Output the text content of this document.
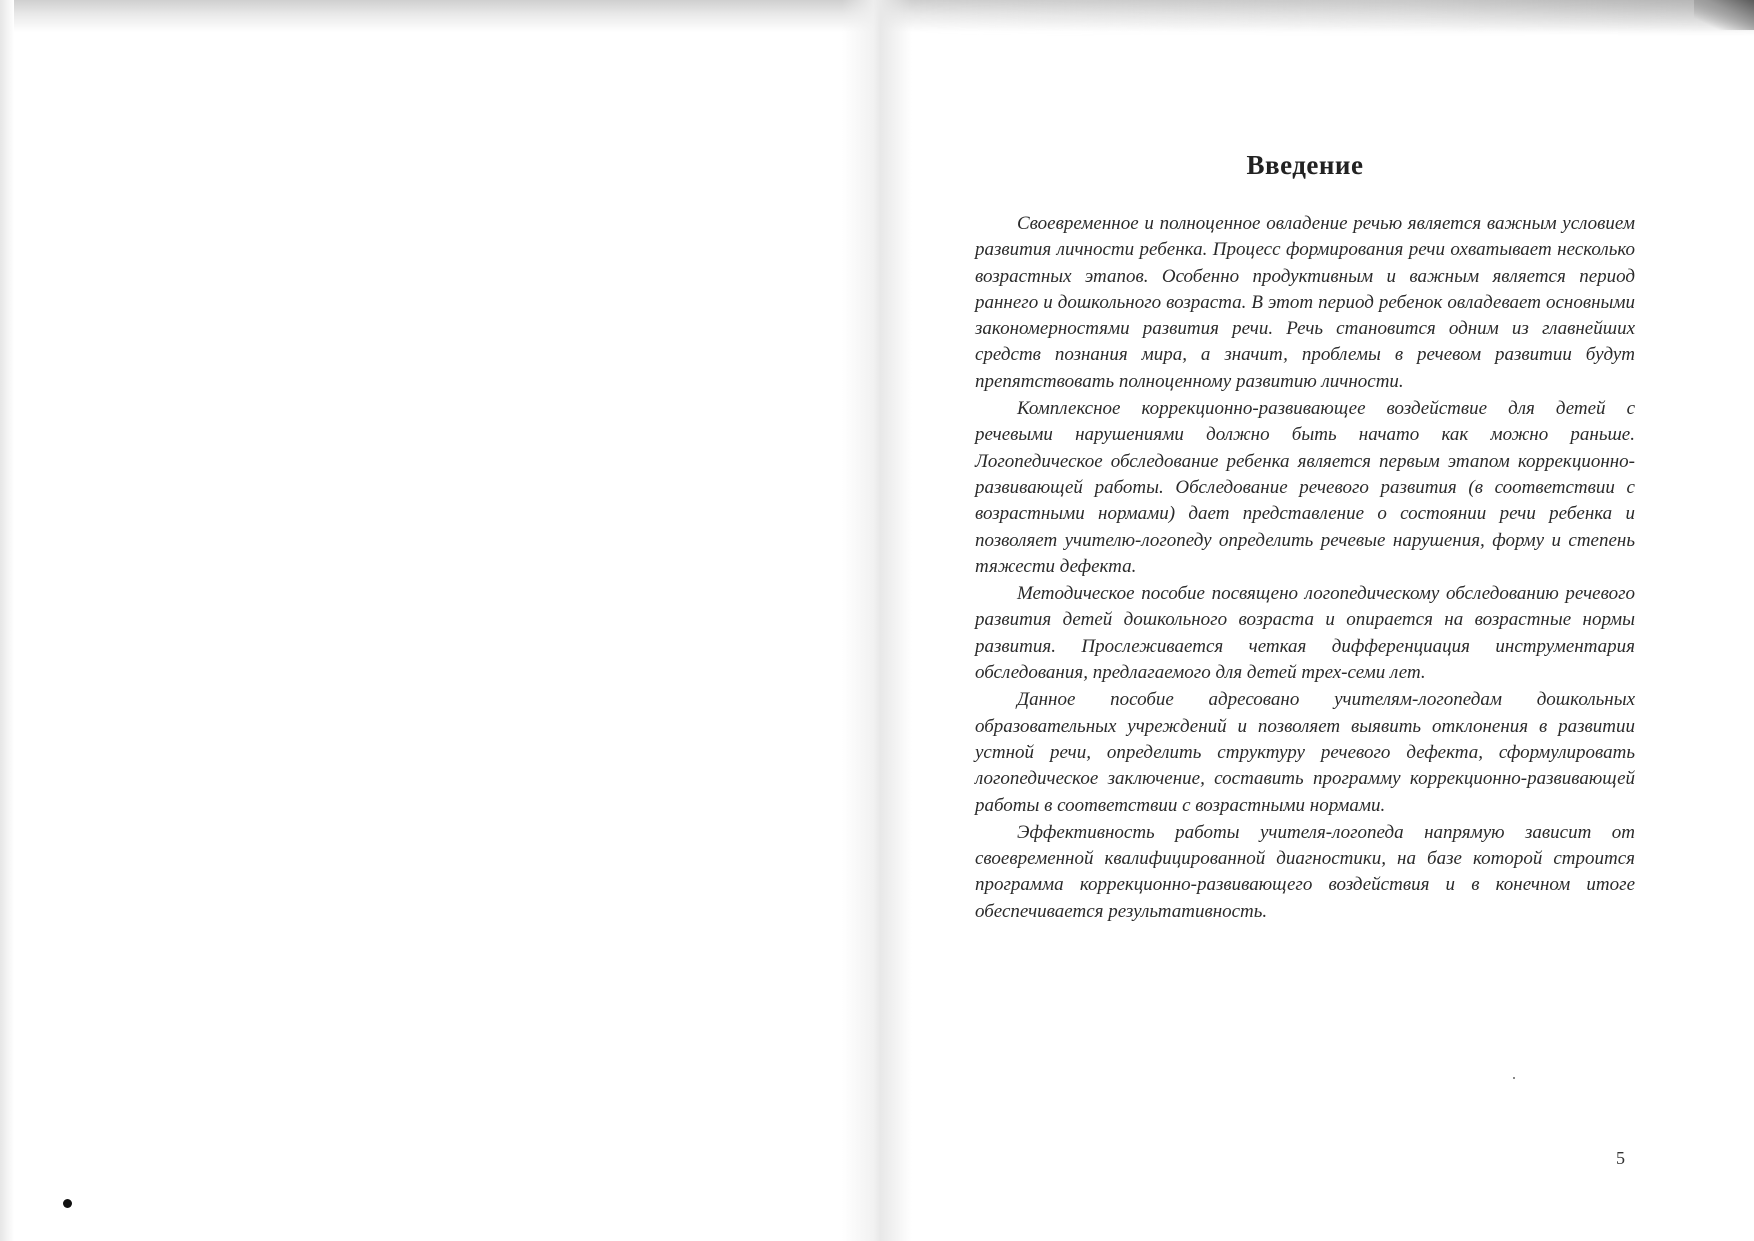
Введение

Своевременное и полноценное овладение речью является важным условием развития личности ребенка. Процесс формирования речи охватывает несколько возрастных этапов. Особенно продуктивным и важным является период раннего и дошкольного возраста. В этот период ребенок овладевает основными закономерностями развития речи. Речь становится одним из главнейших средств познания мира, а значит, проблемы в речевом развитии будут препятствовать полноценному развитию личности.

Комплексное коррекционно-развивающее воздействие для детей с речевыми нарушениями должно быть начато как можно раньше. Логопедическое обследование ребенка является первым этапом коррекционно-развивающей работы. Обследование речевого развития (в соответствии с возрастными нормами) дает представление о состоянии речи ребенка и позволяет учителю-логопеду определить речевые нарушения, форму и степень тяжести дефекта.

Методическое пособие посвящено логопедическому обследованию речевого развития детей дошкольного возраста и опирается на возрастные нормы развития. Прослеживается четкая дифференциация инструментария обследования, предлагаемого для детей трех-семи лет.

Данное пособие адресовано учителям-логопедам дошкольных образовательных учреждений и позволяет выявить отклонения в развитии устной речи, определить структуру речевого дефекта, сформулировать логопедическое заключение, составить программу коррекционно-развивающей работы в соответствии с возрастными нормами.

Эффективность работы учителя-логопеда напрямую зависит от своевременной квалифицированной диагностики, на базе которой строится программа коррекционно-развивающего воздействия и в конечном итоге обеспечивается результативность.

5
